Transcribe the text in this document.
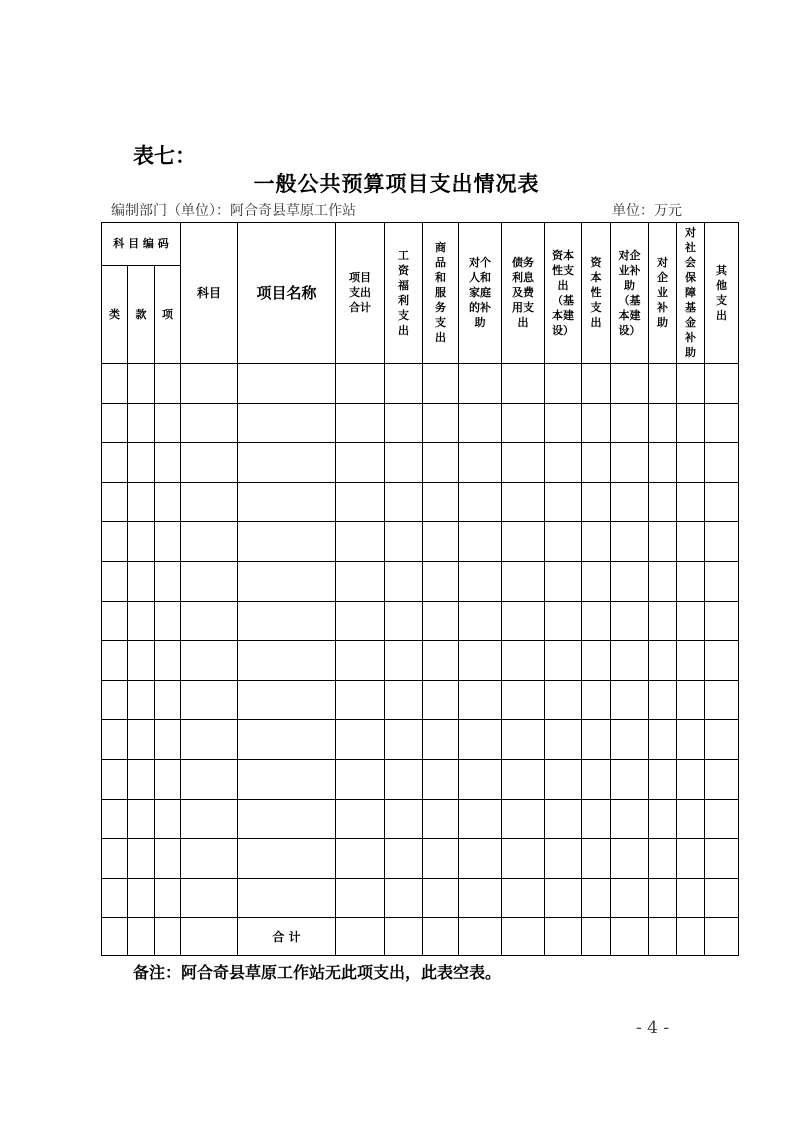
表七：
一般公共预算项目支出情况表
编制部门（单位）：阿合奇县草原工作站	单位：万元
科 目 编 码			科目	项目名称	项目支出合计	工资福利支出	商品和服务支出	对个人和家庭的补助	债务利息及费用支出	资本性支出（基本建设）	资本性支出	对企业补助（基本建设）	对企业补助	对社会保障基金补助	其他支出
类	款	项													

				合 计											
备注：阿合奇县草原工作站无此项支出，此表空表。
- 4 -
